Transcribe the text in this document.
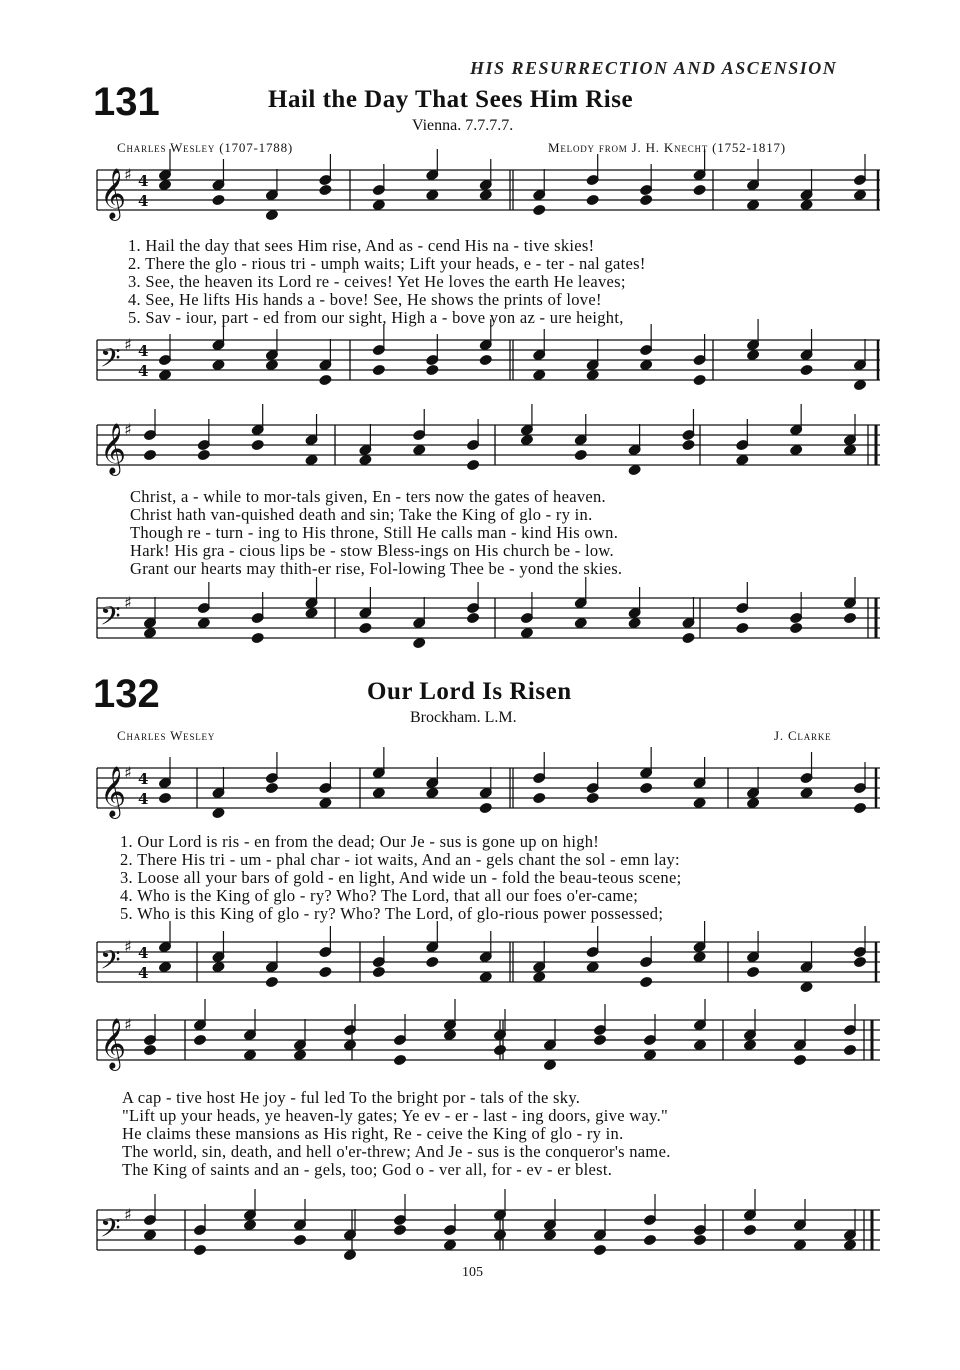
HIS RESURRECTION AND ASCENSION
131	Hail the Day That Sees Him Rise
Vienna. 7.7.7.7.
Charles Wesley (1707-1788)	Melody from J. H. Knecht (1752-1817)
𝄞
𝄞
𝄞
𝄞
𝄢
𝄢
𝄢
𝄢
4
4
4
4
4
4
4
4
♯
♯
♯
♯
♯
♯
♯
♯
1. Hail the day that sees Him rise, And as - cend His na - tive skies!
2. There the glo - rious tri - umph waits; Lift your heads, e - ter - nal gates!
3. See, the heaven its Lord re - ceives! Yet He loves the earth He leaves;
4. See, He lifts His hands a - bove! See, He shows the prints of love!
5. Sav - iour, part - ed from our sight, High a - bove yon az - ure height,
Christ, a - while to mor-tals given, En - ters now the gates of heaven.
Christ hath van-quished death and sin; Take the King of glo - ry in.
Though re - turn - ing to His throne, Still He calls man - kind His own.
Hark! His gra - cious lips be - stow Bless-ings on His church be - low.
Grant our hearts may thith-er rise, Fol-lowing Thee be - yond the skies.
132	Our Lord Is Risen
Brockham. L.M.
Charles Wesley	J. Clarke
1. Our Lord is ris - en from the dead; Our Je - sus is gone up on high!
2. There His tri - um - phal char - iot waits, And an - gels chant the sol - emn lay:
3. Loose all your bars of gold - en light, And wide un - fold the beau-teous scene;
4. Who is the King of glo - ry? Who? The Lord, that all our foes o'er-came;
5. Who is this King of glo - ry? Who? The Lord, of glo-rious power possessed;
A cap - tive host He joy - ful led To the bright por - tals of the sky.
"Lift up your heads, ye heaven-ly gates; Ye ev - er - last - ing doors, give way."
He claims these mansions as His right, Re - ceive the King of glo - ry in.
The world, sin, death, and hell o'er-threw; And Je - sus is the conqueror's name.
The King of saints and an - gels, too; God o - ver all, for - ev - er blest.
105
